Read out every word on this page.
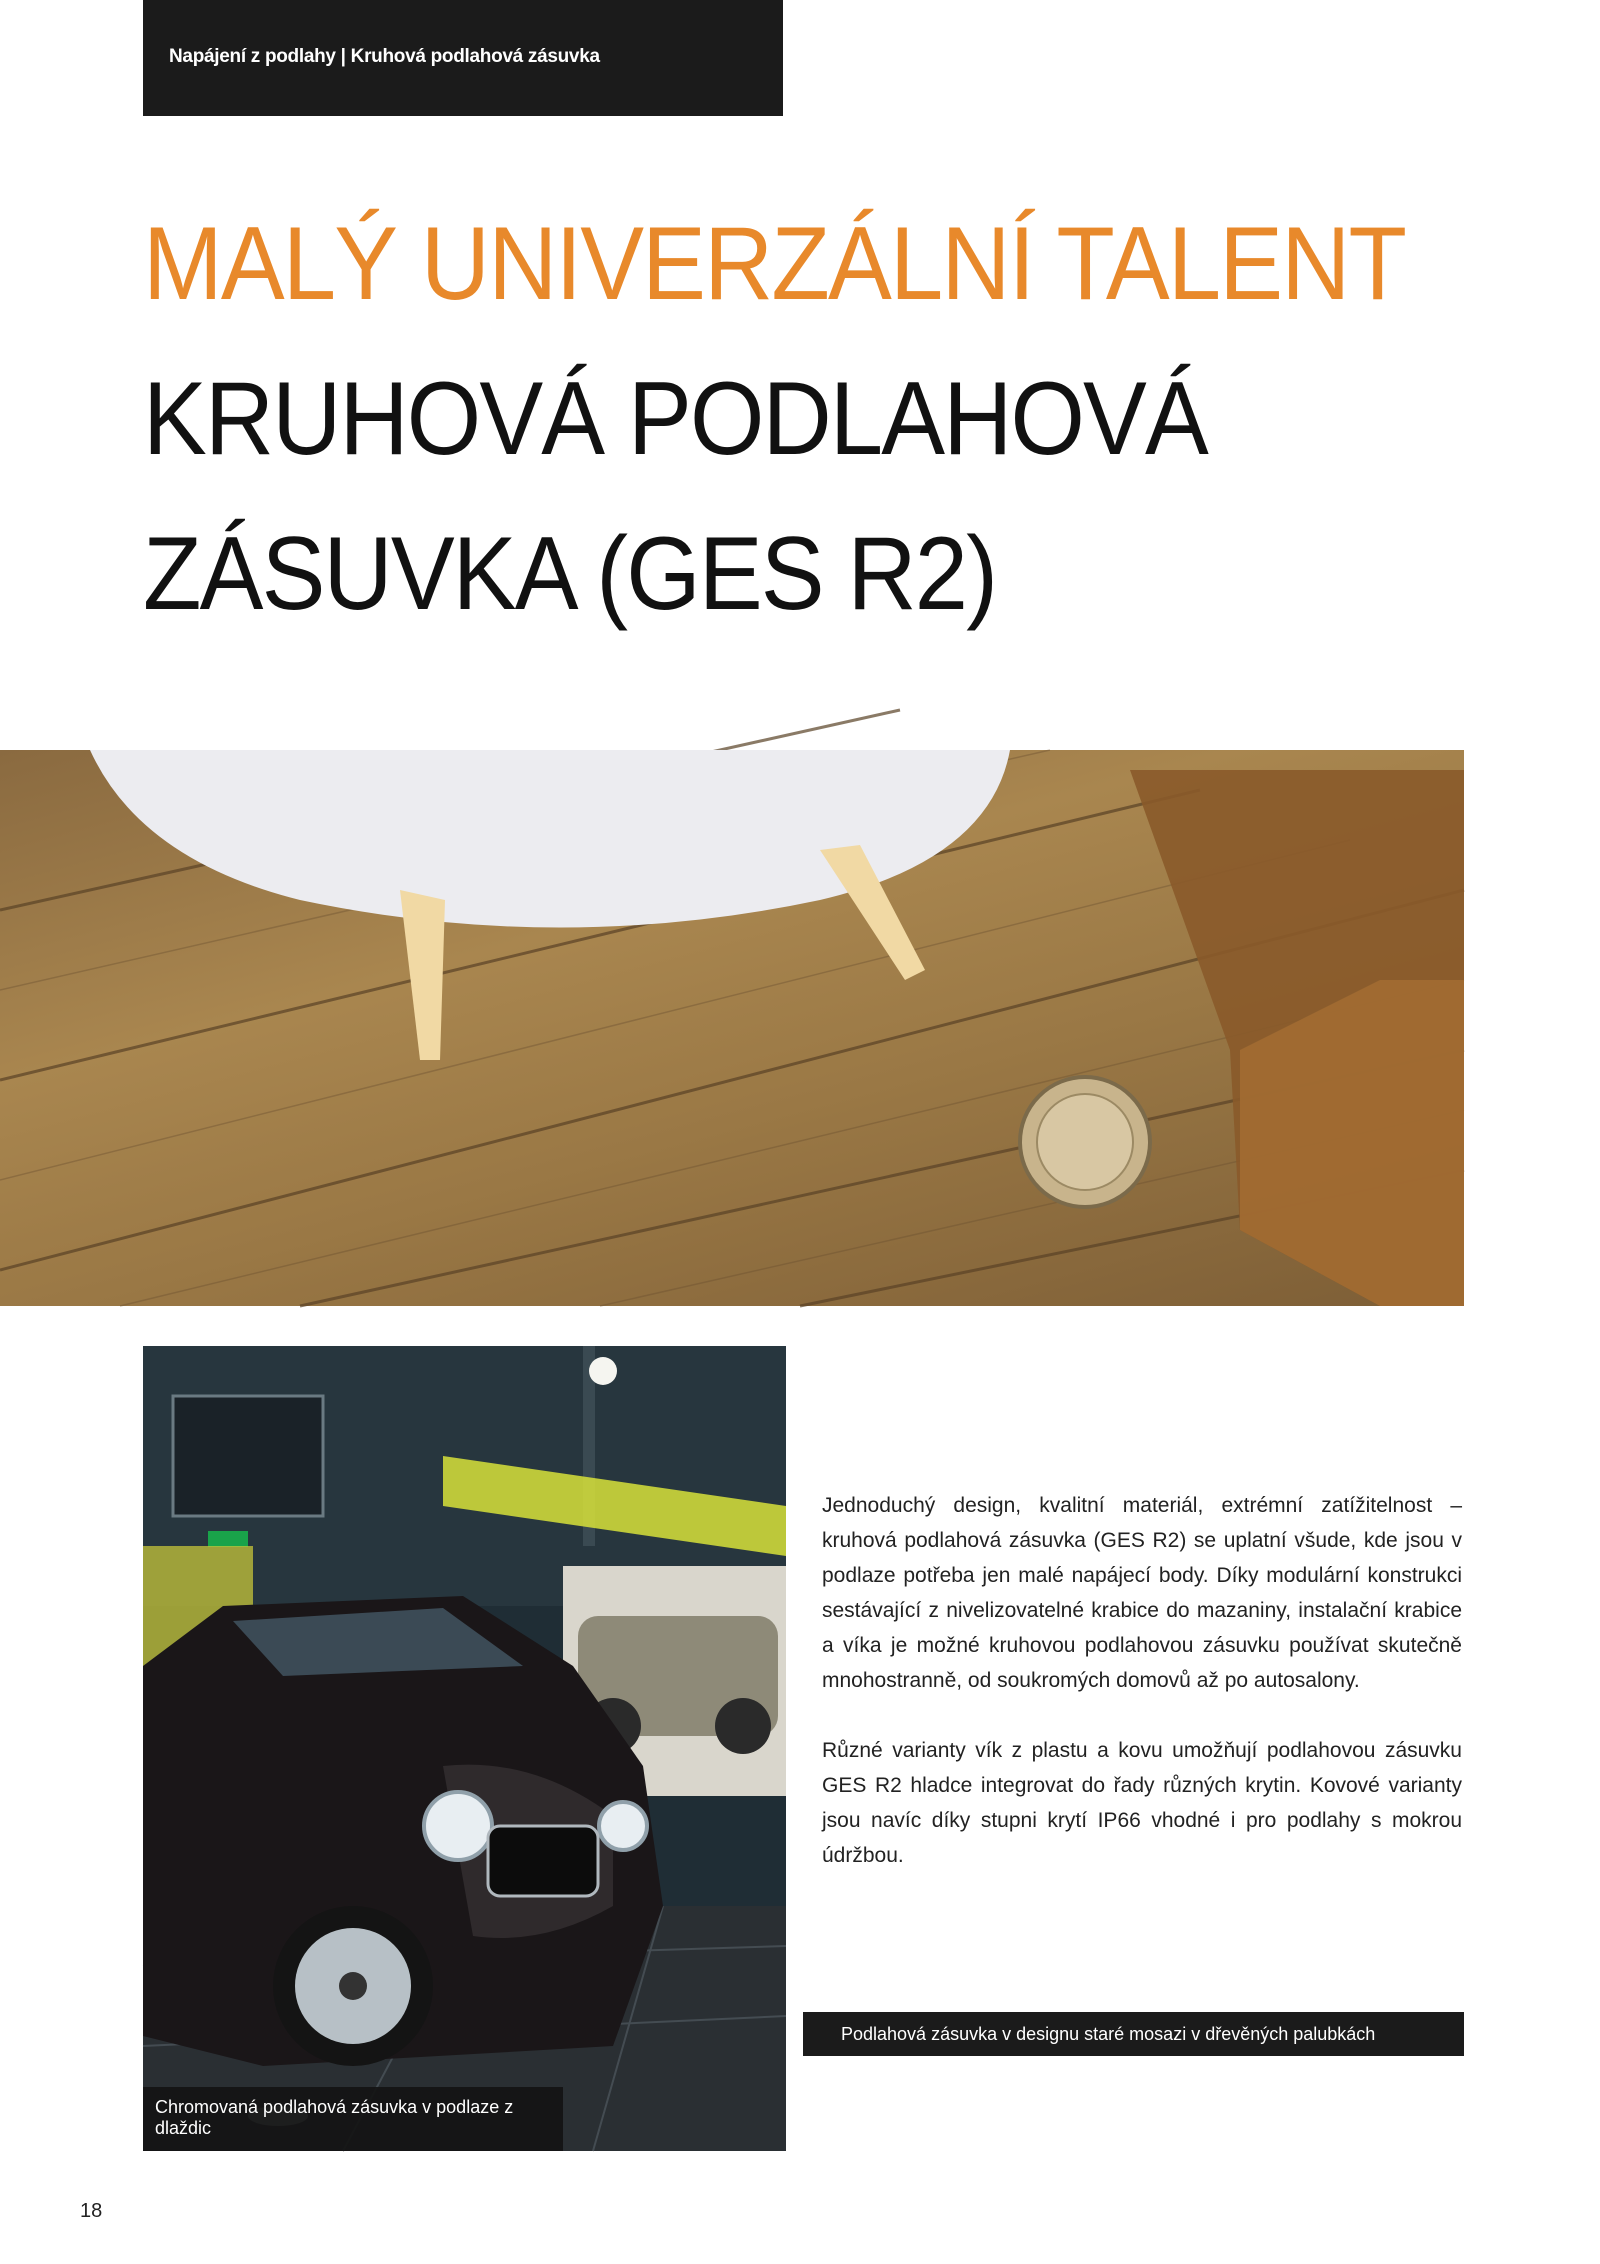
Napájení z podlahy | Kruhová podlahová zásuvka
MALÝ UNIVERZÁLNÍ TALENT
KRUHOVÁ PODLAHOVÁ
ZÁSUVKA (GES R2)
Podlahová zásuvka v designu staré mosazi v dřevěných palubkách
Chromovaná podlahová zásuvka v podlaze z dlaždic

Jednoduchý design, kvalitní materiál, extrémní zatížitelnost – kruhová podlahová zásuvka (GES R2) se uplatní všude, kde jsou v podlaze potřeba jen malé napájecí body. Díky modulární konstrukci sestávající z nivelizovatelné krabice do mazaniny, instalační krabice a víka je možné kruhovou podlahovou zásuvku používat skutečně mnohostranně, od soukromých domovů až po autosalony.

Různé varianty vík z plastu a kovu umožňují podlahovou zásuvku GES R2 hladce integrovat do řady různých krytin. Kovové varianty jsou navíc díky stupni krytí IP66 vhodné i pro podlahy s mokrou údržbou.

18
